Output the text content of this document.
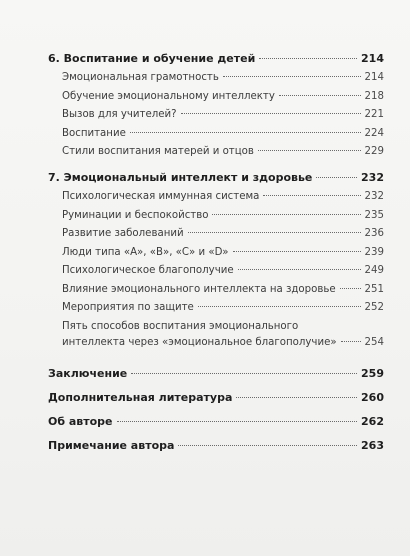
6. Воспитание и обучение детей	214
Эмоциональная грамотность	214
Обучение эмоциональному интеллекту	218
Вызов для учителей?	221
Воспитание	224
Стили воспитания матерей и отцов	229
7. Эмоциональный интеллект и здоровье	232
Психологическая иммунная система	232
Руминации и беспокойство	235
Развитие заболеваний	236
Люди типа «А», «В», «С» и «D»	239
Психологическое благополучие	249
Влияние эмоционального интеллекта на здоровье	251
Мероприятия по защите	252
Пять способов воспитания эмоционального
интеллекта через «эмоциональное благополучие»	254
Заключение	259
Дополнительная литература	260
Об авторе	262
Примечание автора	263
